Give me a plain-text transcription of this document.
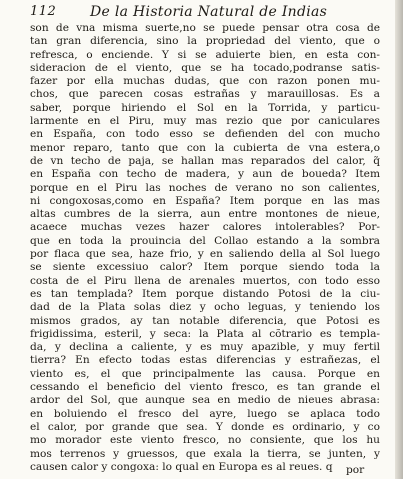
112 De la Historia Natural de Indias
son de vna misma suerte,no se puede pensar otra cosa de
tan gran diferencia, sino la propriedad del viento, que o
refresca, o enciende. Y si se aduierte bien, en esta con-
sideracion de el viento, que se ha tocado,podranse satis-
fazer por ella muchas dudas, que con razon ponen mu-
chos, que parecen cosas estrañas y marauillosas. Es a
saber, porque hiriendo el Sol en la Torrida, y particu-
larmente en el Piru, muy mas rezio que por caniculares
en España, con todo esso se defienden del con mucho
menor reparo, tanto que con la cubierta de vna estera,o
de vn techo de paja, se hallan mas reparados del calor, q̃
en España con techo de madera, y aun de boueda? Item
porque en el Piru las noches de verano no son calientes,
ni congoxosas,como en España? Item porque en las mas
altas cumbres de la sierra, aun entre montones de nieue,
acaece muchas vezes hazer calores intolerables? Por-
que en toda la prouincia del Collao estando a la sombra
por flaca que sea, haze frio, y en saliendo della al Sol luego
se siente excessiuo calor? Item porque siendo toda la
costa de el Piru llena de arenales muertos, con todo esso
es tan templada? Item porque distando Potosi de la ciu-
dad de la Plata solas diez y ocho leguas, y teniendo los
mismos grados, ay tan notable diferencia, que Potosi es
frigidissima, esteril, y seca: la Plata al cõtrario es templa-
da, y declina a caliente, y es muy apazible, y muy fertil
tierra? En efecto todas estas diferencias y estrañezas, el
viento es, el que principalmente las causa. Porque en
cessando el beneficio del viento fresco, es tan grande el
ardor del Sol, que aunque sea en medio de nieues abrasa:
en boluiendo el fresco del ayre, luego se aplaca todo
el calor, por grande que sea. Y donde es ordinario, y co
mo morador este viento fresco, no consiente, que los hu
mos terrenos y gruessos, que exala la tierra, se junten, y
causen calor y congoxa: lo qual en Europa es al reues. q	por
